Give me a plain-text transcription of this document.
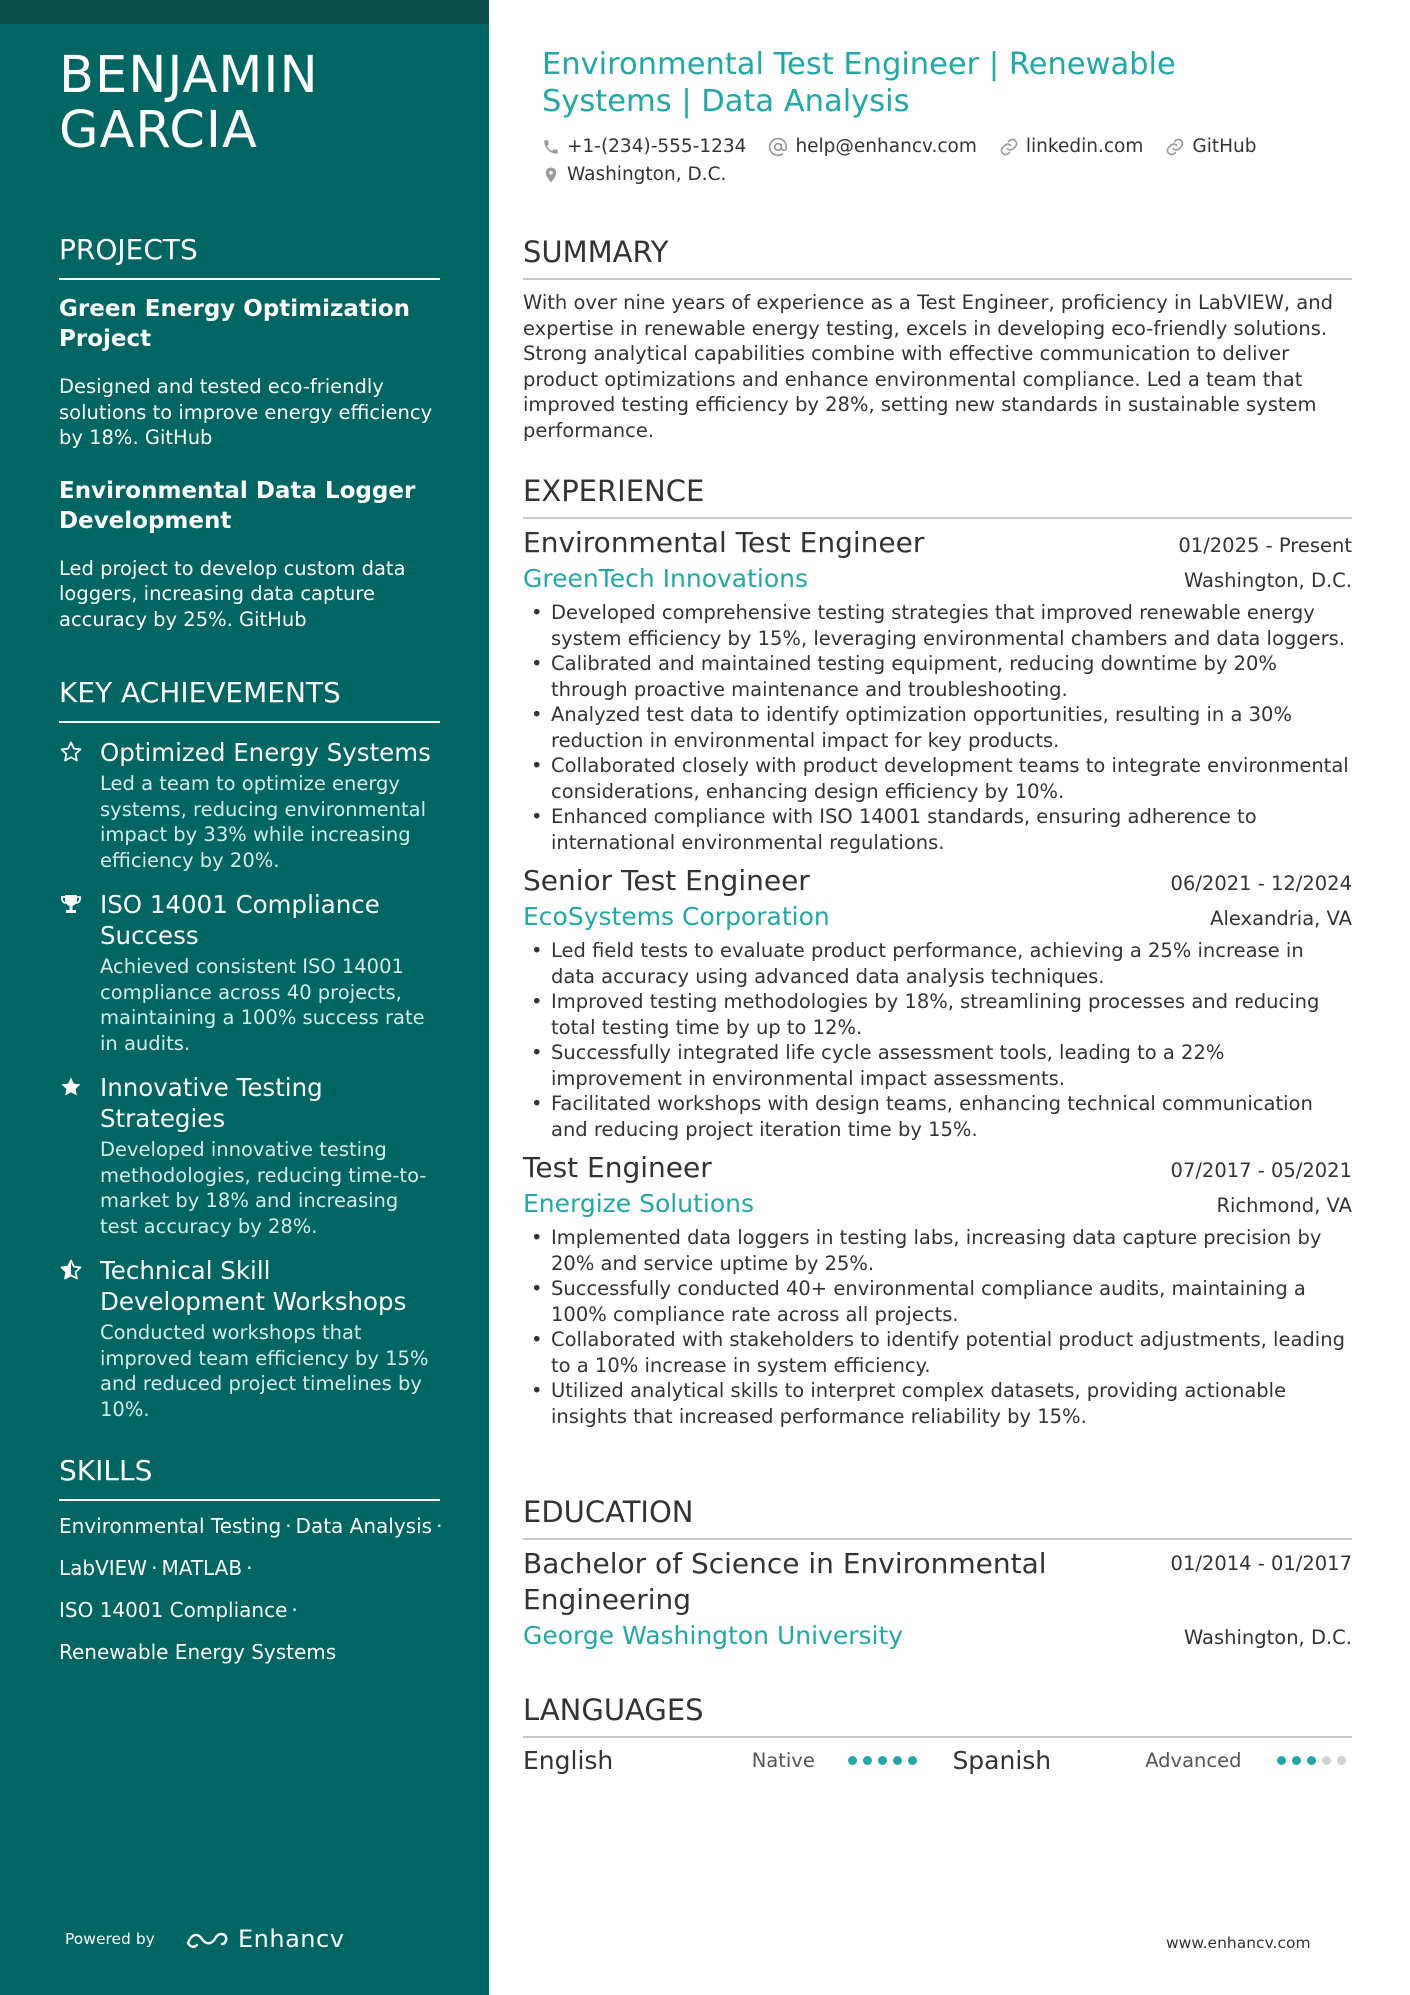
BENJAMIN GARCIA
PROJECTS
Green Energy Optimization Project
Designed and tested eco-friendly solutions to improve energy efficiency by 18%. GitHub
Environmental Data Logger Development
Led project to develop custom data loggers, increasing data capture accuracy by 25%. GitHub
KEY ACHIEVEMENTS
Optimized Energy Systems
Led a team to optimize energy systems, reducing environmental impact by 33% while increasing efficiency by 20%.
ISO 14001 Compliance Success
Achieved consistent ISO 14001 compliance across 40 projects, maintaining a 100% success rate in audits.
Innovative Testing Strategies
Developed innovative testing methodologies, reducing time-to-market by 18% and increasing test accuracy by 28%.
Technical Skill Development Workshops
Conducted workshops that improved team efficiency by 15% and reduced project timelines by 10%.
SKILLS
Environmental Testing · Data Analysis ·
LabVIEW · MATLAB ·
ISO 14001 Compliance ·
Renewable Energy Systems
Powered by	Enhancv
Environmental Test Engineer | Renewable Systems | Data Analysis
+1-(234)-555-1234	help@enhancv.com	linkedin.com	GitHub
Washington, D.C.
SUMMARY
With over nine years of experience as a Test Engineer, proficiency in LabVIEW, and expertise in renewable energy testing, excels in developing eco-friendly solutions. Strong analytical capabilities combine with effective communication to deliver product optimizations and enhance environmental compliance. Led a team that improved testing efficiency by 28%, setting new standards in sustainable system performance.
EXPERIENCE
Environmental Test Engineer	01/2025 - Present
GreenTech Innovations	Washington, D.C.
• Developed comprehensive testing strategies that improved renewable energy system efficiency by 15%, leveraging environmental chambers and data loggers.
• Calibrated and maintained testing equipment, reducing downtime by 20% through proactive maintenance and troubleshooting.
• Analyzed test data to identify optimization opportunities, resulting in a 30% reduction in environmental impact for key products.
• Collaborated closely with product development teams to integrate environmental considerations, enhancing design efficiency by 10%.
• Enhanced compliance with ISO 14001 standards, ensuring adherence to international environmental regulations.
Senior Test Engineer	06/2021 - 12/2024
EcoSystems Corporation	Alexandria, VA
• Led field tests to evaluate product performance, achieving a 25% increase in data accuracy using advanced data analysis techniques.
• Improved testing methodologies by 18%, streamlining processes and reducing total testing time by up to 12%.
• Successfully integrated life cycle assessment tools, leading to a 22% improvement in environmental impact assessments.
• Facilitated workshops with design teams, enhancing technical communication and reducing project iteration time by 15%.
Test Engineer	07/2017 - 05/2021
Energize Solutions	Richmond, VA
• Implemented data loggers in testing labs, increasing data capture precision by 20% and service uptime by 25%.
• Successfully conducted 40+ environmental compliance audits, maintaining a 100% compliance rate across all projects.
• Collaborated with stakeholders to identify potential product adjustments, leading to a 10% increase in system efficiency.
• Utilized analytical skills to interpret complex datasets, providing actionable insights that increased performance reliability by 15%.
EDUCATION
Bachelor of Science in Environmental Engineering
01/2014 - 01/2017
George Washington University	Washington, D.C.
LANGUAGES
English	Native	Spanish	Advanced
www.enhancv.com
